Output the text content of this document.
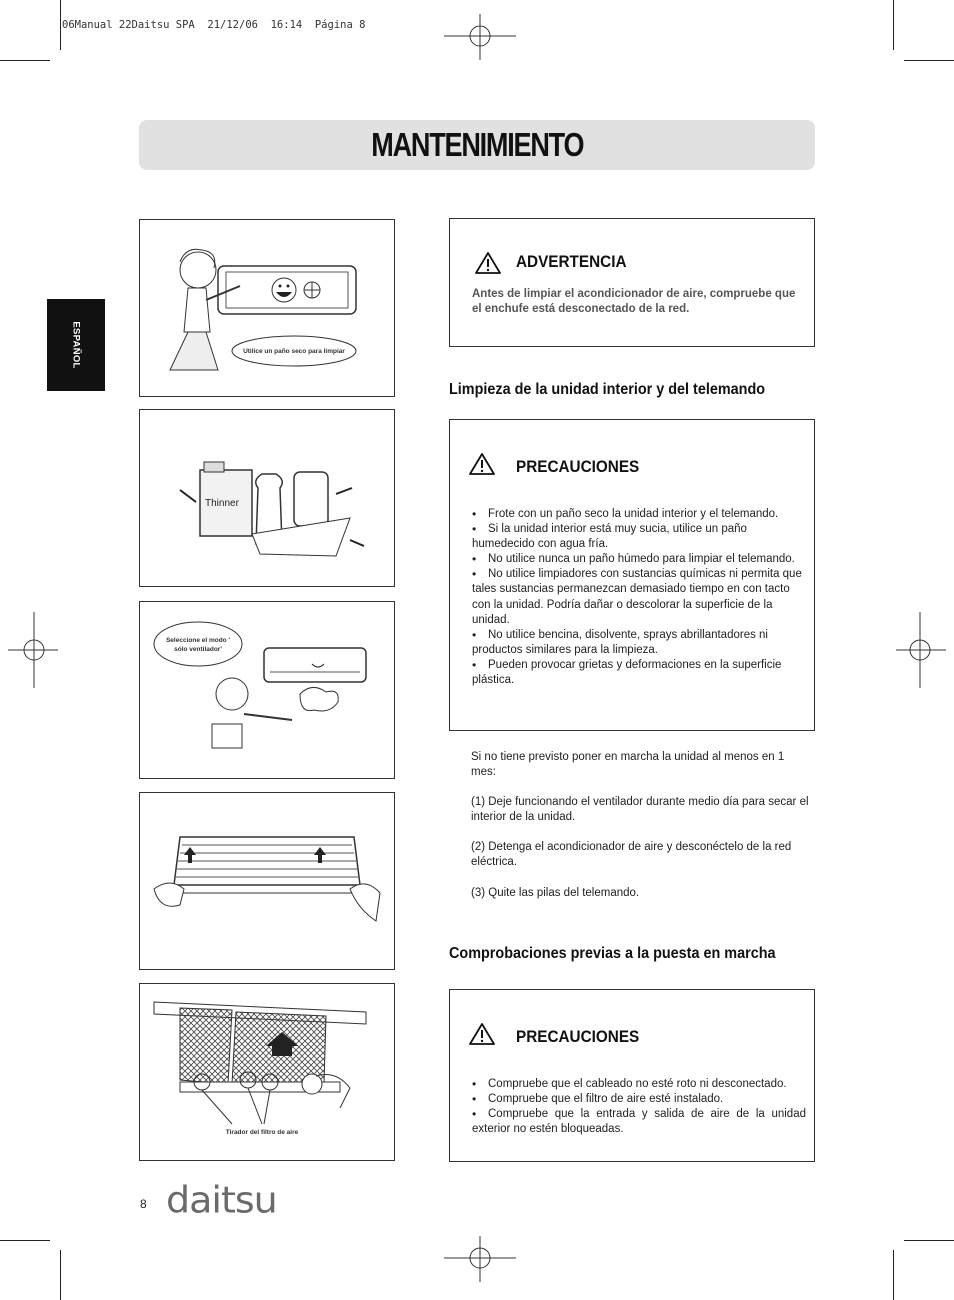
06Manual 22Daitsu SPA  21/12/06  16:14  Página 8
MANTENIMIENTO
ESPAÑOL	Utilice un paño seco para limpiar
Thinner
Seleccione el modo '
sólo ventilador'
Tirador del filtro de aire
ADVERTENCIA
Antes de limpiar el acondicionador de aire, compruebe que el enchufe está desconectado de la red.
Limpieza de la unidad interior y del telemando
PRECAUCIONES
• Frote con un paño seco la unidad interior y el telemando.
• Si la unidad interior está muy sucia, utilice un paño humedecido con agua fría.
• No utilice nunca un paño húmedo para limpiar el telemando.
• No utilice limpiadores con sustancias químicas ni permita que tales sustancias permanezcan demasiado tiempo en con tacto con la unidad. Podría dañar o descolorar la superficie de la unidad.
• No utilice bencina, disolvente, sprays abrillantadores ni productos similares para la limpieza.
• Pueden provocar grietas y deformaciones en la superficie plástica.

Si no tiene previsto poner en marcha la unidad al menos en 1 mes:

(1) Deje funcionando el ventilador durante medio día para secar el interior de la unidad.

(2) Detenga el acondicionador de aire y desconéctelo de la red eléctrica.

(3) Quite las pilas del telemando.

Comprobaciones previas a la puesta en marcha
PRECAUCIONES
• Compruebe que el cableado no esté roto ni desconectado.
• Compruebe que el filtro de aire esté instalado.
• Compruebe que la entrada y salida de aire de la unidad exterior no estén bloqueadas.
8 daitsu
